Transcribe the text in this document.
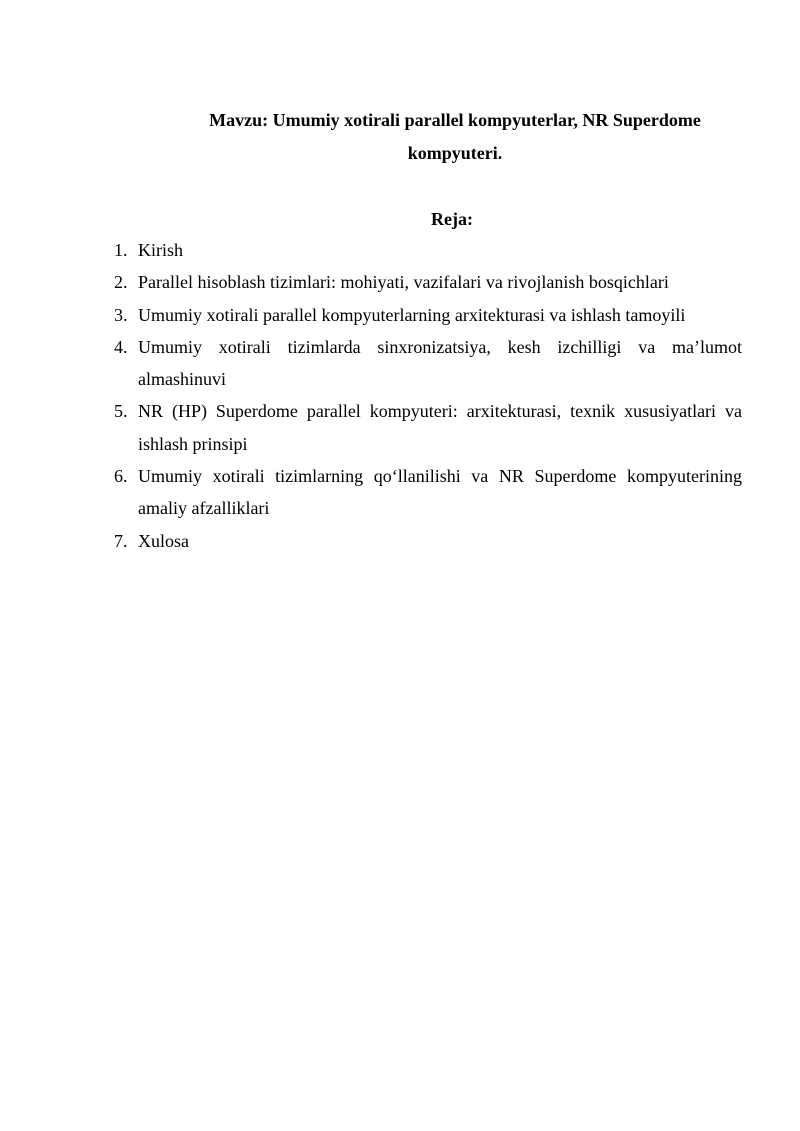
Mavzu: Umumiy xotirali parallel kompyuterlar, NR Superdome

kompyuteri.

Reja:

1. Kirish
2. Parallel hisoblash tizimlari: mohiyati, vazifalari va rivojlanish bosqichlari
3. Umumiy xotirali parallel kompyuterlarning arxitekturasi va ishlash tamoyili
4. Umumiy xotirali tizimlarda sinxronizatsiya, kesh izchilligi va ma’lumot almashinuvi
5. NR (HP) Superdome parallel kompyuteri: arxitekturasi, texnik xususiyatlari va ishlash prinsipi
6. Umumiy xotirali tizimlarning qo‘llanilishi va NR Superdome kompyuterining amaliy afzalliklari
7. Xulosa
